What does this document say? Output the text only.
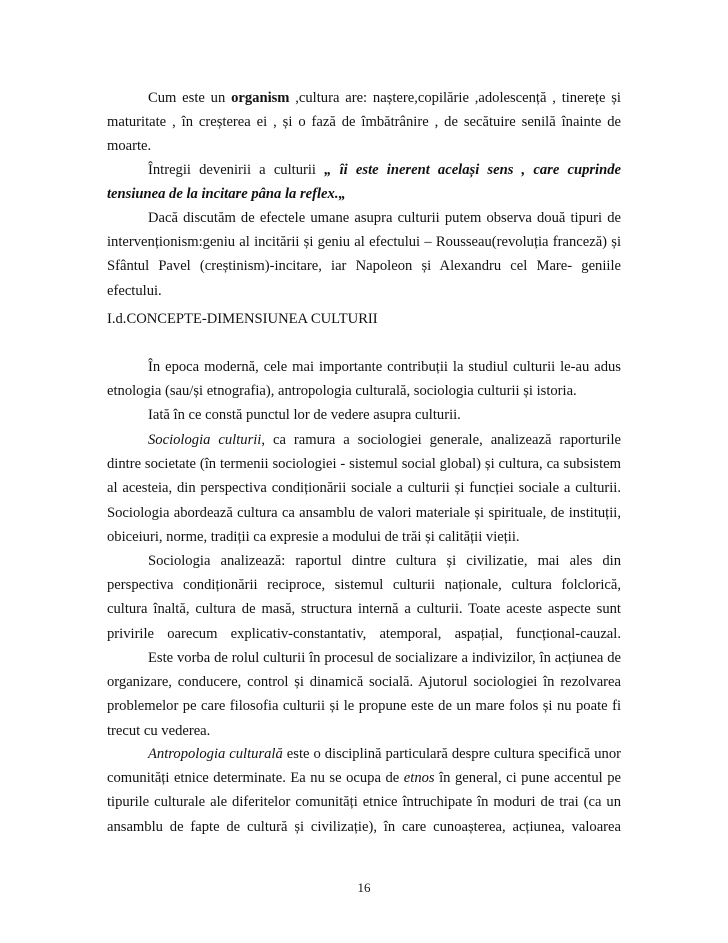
Cum este un organism ,cultura are: naștere,copilărie ,adolescență , tinerețe și maturitate , în creșterea ei , și o fază de îmbătrânire , de secătuire senilă înainte de moarte.

Întregii devenirii a culturii „ îi este inerent același sens , care cuprinde tensiunea de la incitare pâna la reflex.„

Dacă discutăm de efectele umane asupra culturii putem observa două tipuri de intervenționism:geniu al incitării și geniu al efectului – Rousseau(revoluția franceză) și Sfântul Pavel (creștinism)-incitare, iar Napoleon și Alexandru cel Mare- geniile efectului.

I.d.CONCEPTE-DIMENSIUNEA CULTURII

În epoca modernă, cele mai importante contribuții la studiul culturii le-au adus etnologia (sau/și etnografia), antropologia culturală, sociologia culturii și istoria.

Iată în ce constă punctul lor de vedere asupra culturii.

Sociologia culturii, ca ramura a sociologiei generale, analizează raporturile dintre societate (în termenii sociologiei - sistemul social global) și cultura, ca subsistem al acesteia, din perspectiva condiționării sociale a culturii și funcției sociale a culturii. Sociologia abordează cultura ca ansamblu de valori materiale și spirituale, de instituții, obiceiuri, norme, tradiții ca expresie a modului de trăi și calității vieții.

Sociologia analizează: raportul dintre cultura și civilizatie, mai ales din perspectiva condiționării reciproce, sistemul culturii naționale, cultura folclorică, cultura înaltă, cultura de masă, structura internă a culturii. Toate aceste aspecte sunt privirile oarecum explicativ-constantativ, atemporal, aspațial, funcțional-cauzal.

Este vorba de rolul culturii în procesul de socializare a indivizilor, în acțiunea de organizare, conducere, control și dinamică socială. Ajutorul sociologiei în rezolvarea problemelor pe care filosofia culturii și le propune este de un mare folos și nu poate fi trecut cu vederea.

Antropologia culturală este o disciplină particulară despre cultura specifică unor comunități etnice determinate. Ea nu se ocupa de etnos în general, ci pune accentul pe tipurile culturale ale diferitelor comunități etnice întruchipate în moduri de trai (ca un ansamblu de fapte de cultură și civilizație), în care cunoașterea, acțiunea, valoarea

16
